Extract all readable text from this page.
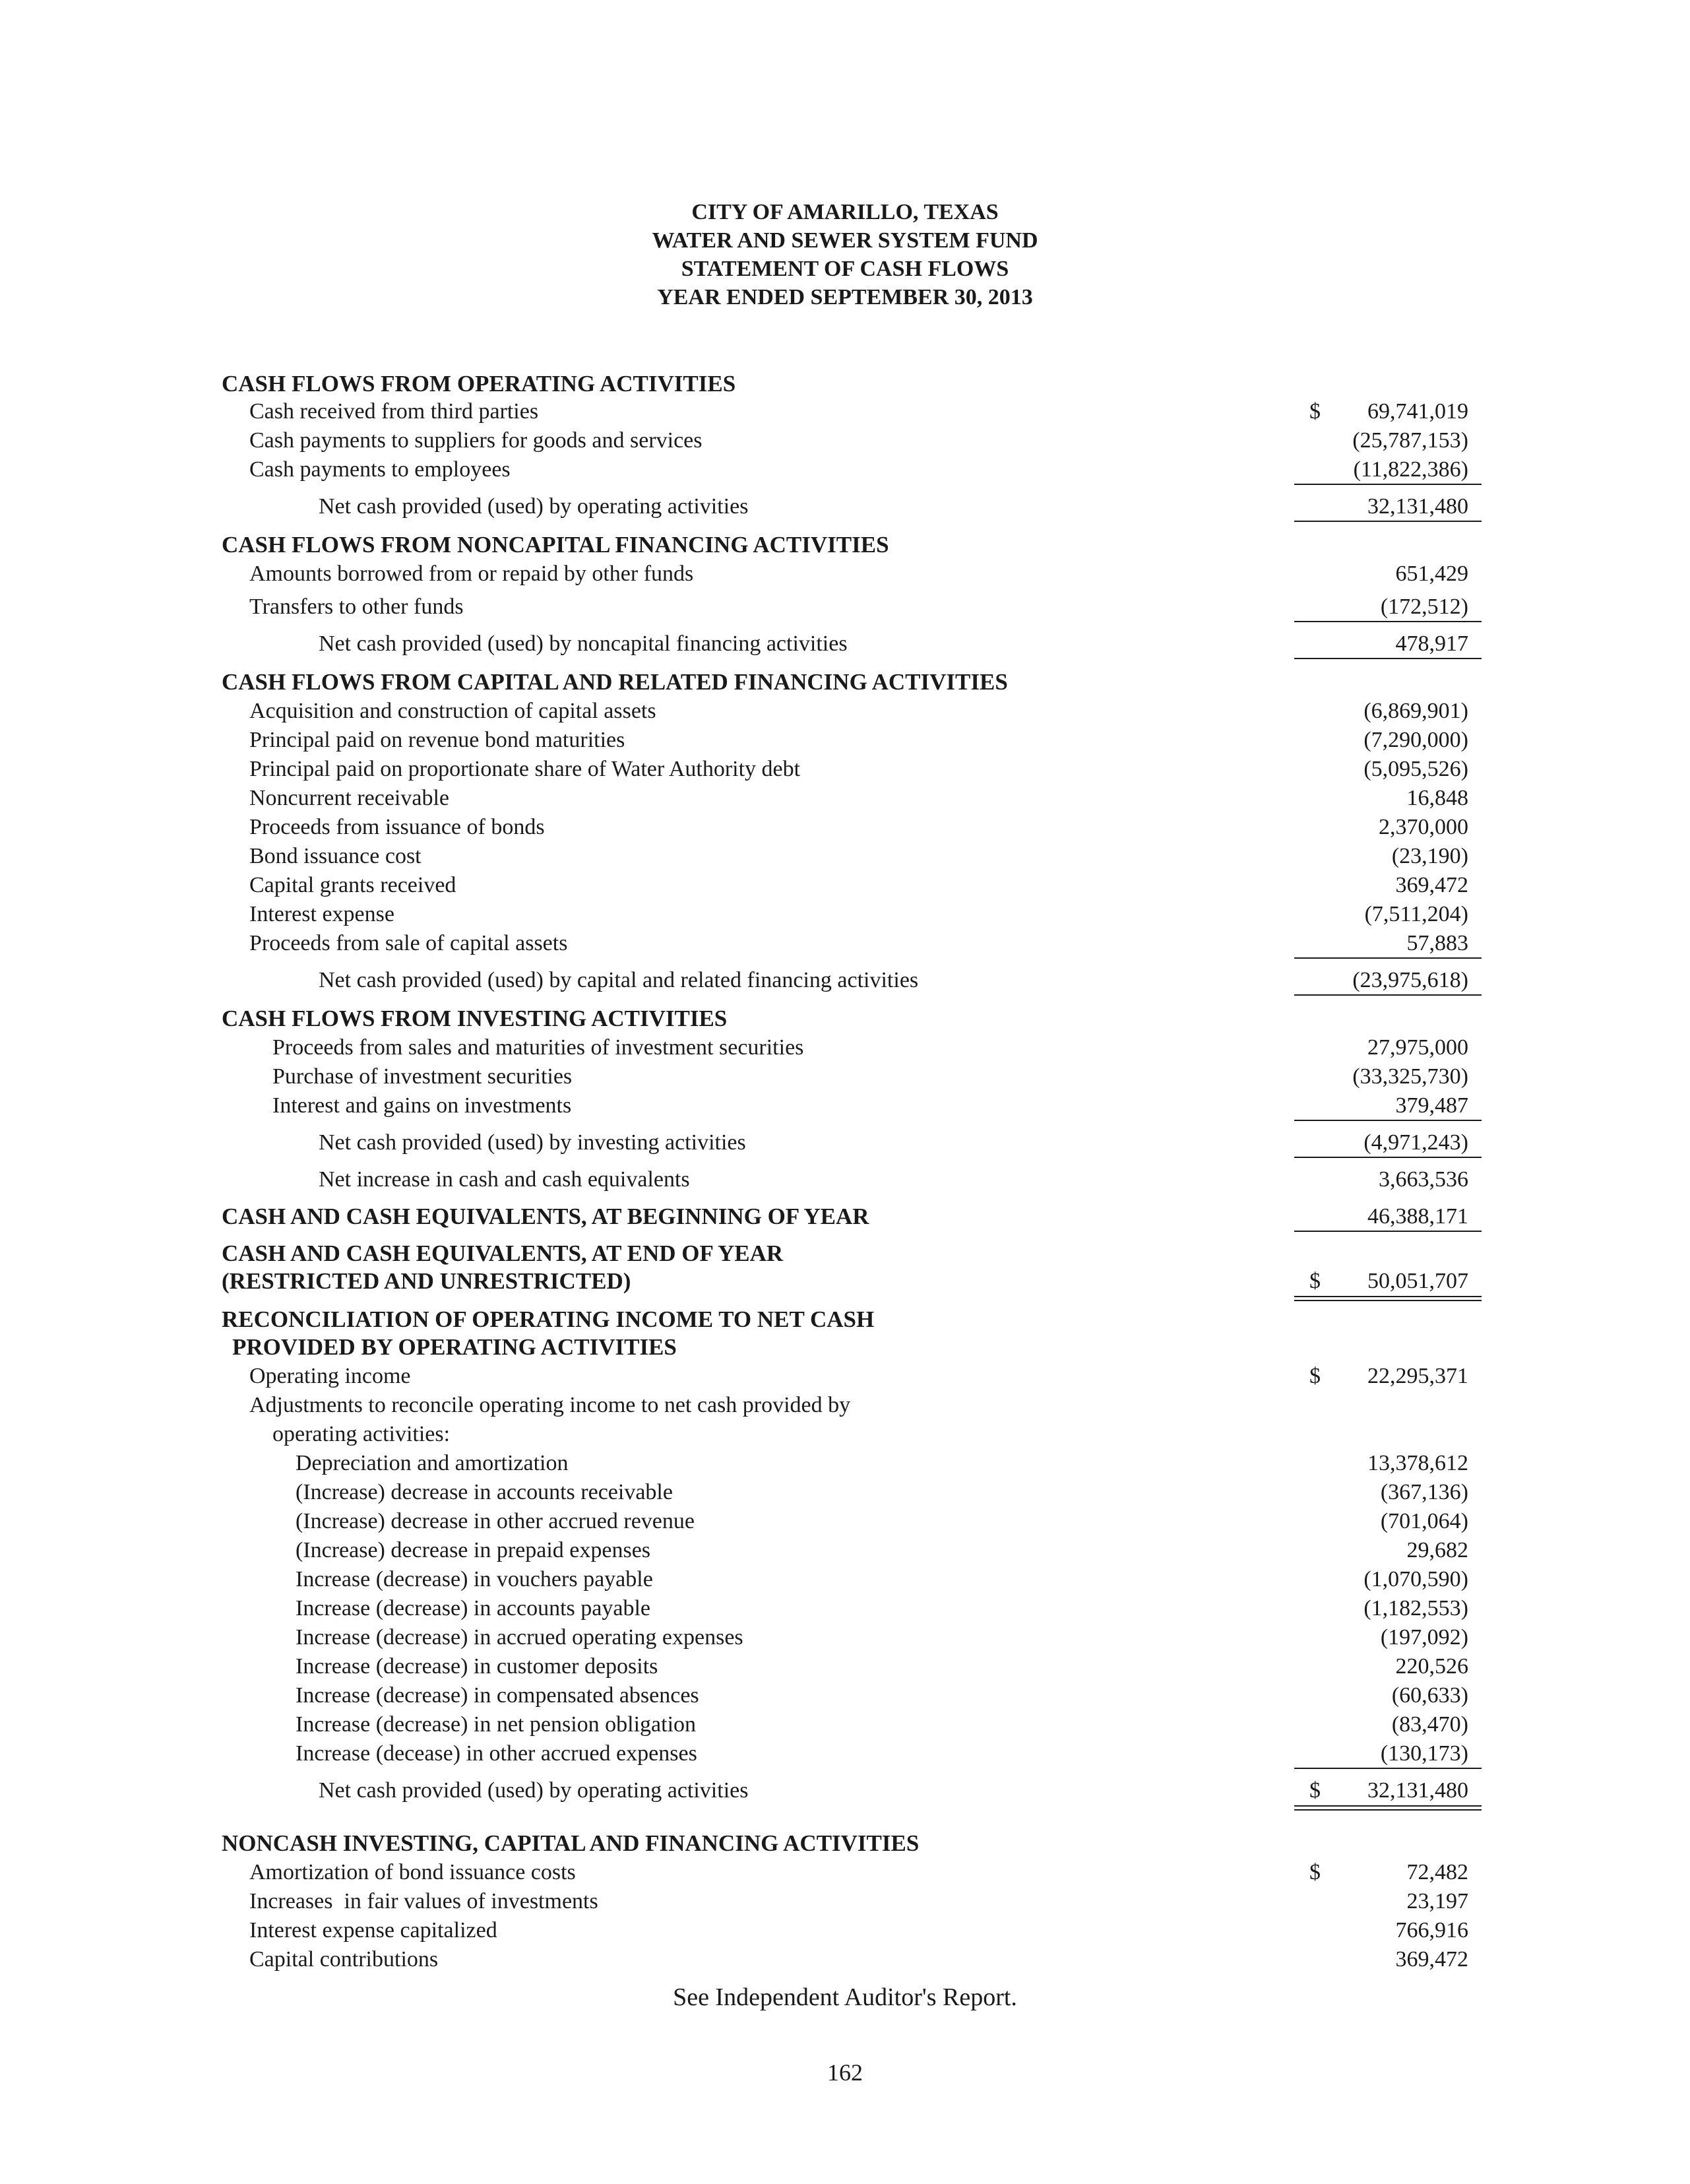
CITY OF AMARILLO, TEXAS
WATER AND SEWER SYSTEM FUND
STATEMENT OF CASH FLOWS
YEAR ENDED SEPTEMBER 30, 2013
CASH FLOWS FROM OPERATING ACTIVITIES
Cash received from third parties	$	69,741,019
Cash payments to suppliers for goods and services	(25,787,153)
Cash payments to employees	(11,822,386)
Net cash provided (used) by operating activities	32,131,480
CASH FLOWS FROM NONCAPITAL FINANCING ACTIVITIES
Amounts borrowed from or repaid by other funds	651,429
Transfers to other funds	(172,512)
Net cash provided (used) by noncapital financing activities	478,917
CASH FLOWS FROM CAPITAL AND RELATED FINANCING ACTIVITIES
Acquisition and construction of capital assets	(6,869,901)
Principal paid on revenue bond maturities	(7,290,000)
Principal paid on proportionate share of Water Authority debt	(5,095,526)
Noncurrent receivable	16,848
Proceeds from issuance of bonds	2,370,000
Bond issuance cost	(23,190)
Capital grants received	369,472
Interest expense	(7,511,204)
Proceeds from sale of capital assets	57,883
Net cash provided (used) by capital and related financing activities	(23,975,618)
CASH FLOWS FROM INVESTING ACTIVITIES
Proceeds from sales and maturities of investment securities	27,975,000
Purchase of investment securities	(33,325,730)
Interest and gains on investments	379,487
Net cash provided (used) by investing activities	(4,971,243)
Net increase in cash and cash equivalents	3,663,536
CASH AND CASH EQUIVALENTS, AT BEGINNING OF YEAR	46,388,171
CASH AND CASH EQUIVALENTS, AT END OF YEAR
(RESTRICTED AND UNRESTRICTED)	$	50,051,707
RECONCILIATION OF OPERATING INCOME TO NET CASH
PROVIDED BY OPERATING ACTIVITIES
Operating income	$	22,295,371
Adjustments to reconcile operating income to net cash provided by
operating activities:
Depreciation and amortization	13,378,612
(Increase) decrease in accounts receivable	(367,136)
(Increase) decrease in other accrued revenue	(701,064)
(Increase) decrease in prepaid expenses	29,682
Increase (decrease) in vouchers payable	(1,070,590)
Increase (decrease) in accounts payable	(1,182,553)
Increase (decrease) in accrued operating expenses	(197,092)
Increase (decrease) in customer deposits	220,526
Increase (decrease) in compensated absences	(60,633)
Increase (decrease) in net pension obligation	(83,470)
Increase (decease) in other accrued expenses	(130,173)
Net cash provided (used) by operating activities	$	32,131,480
NONCASH INVESTING, CAPITAL AND FINANCING ACTIVITIES
Amortization of bond issuance costs	$	72,482
Increases  in fair values of investments	23,197
Interest expense capitalized	766,916
Capital contributions	369,472
See Independent Auditor's Report.
162
